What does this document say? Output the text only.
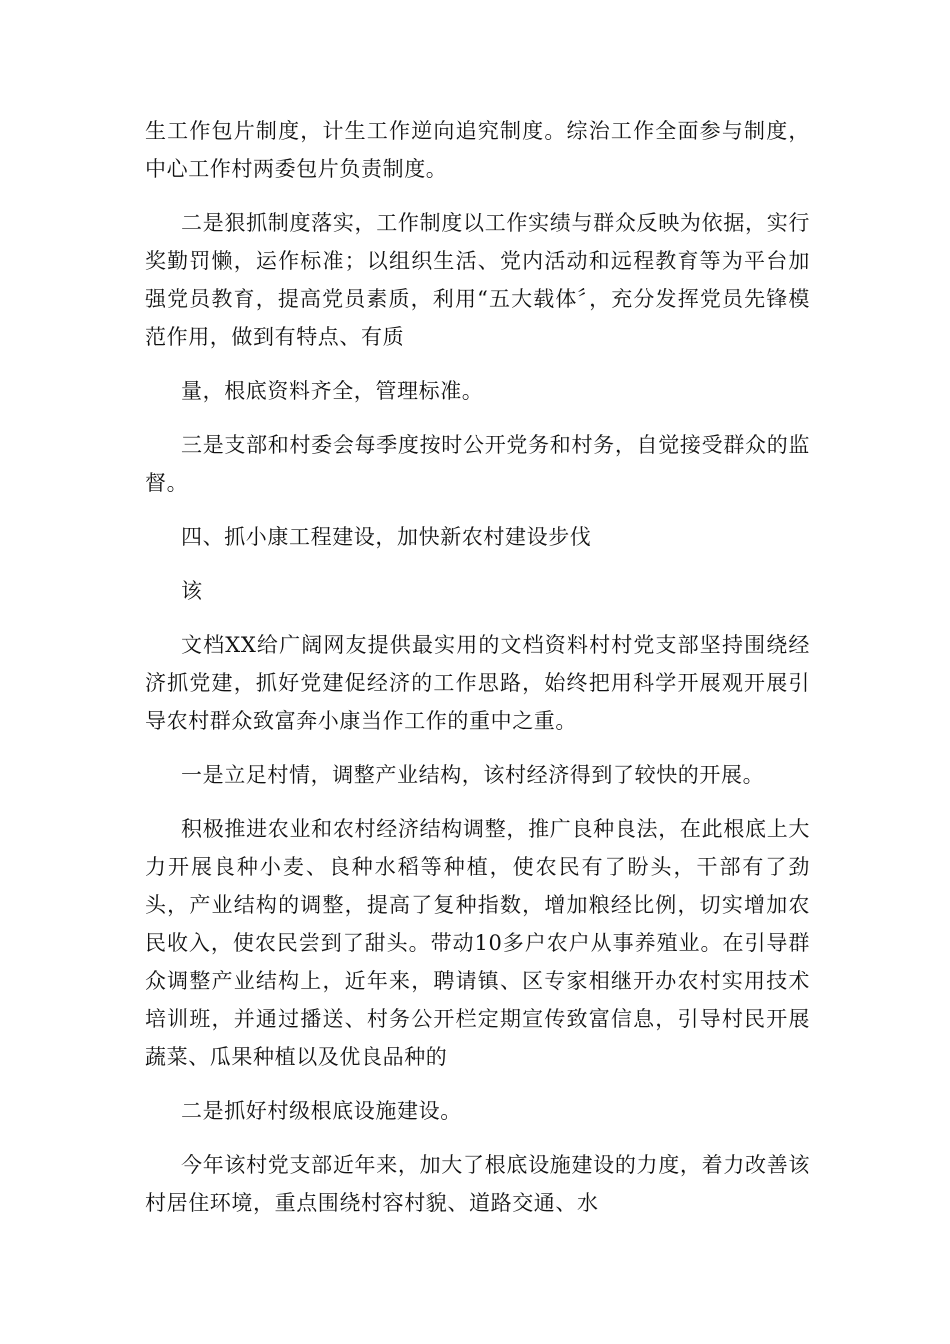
生工作包片制度，计生工作逆向追究制度。综治工作全面参与制度，中心工作村两委包片负责制度。

二是狠抓制度落实，工作制度以工作实绩与群众反映为依据，实行奖勤罚懒，运作标准；以组织生活、党内活动和远程教育等为平台加强党员教育，提高党员素质，利用“五大载体〞，充分发挥党员先锋模范作用，做到有特点、有质

量，根底资料齐全，管理标准。

三是支部和村委会每季度按时公开党务和村务，自觉接受群众的监督。

四、抓小康工程建设，加快新农村建设步伐

该

文档XX给广阔网友提供最实用的文档资料村村党支部坚持围绕经济抓党建，抓好党建促经济的工作思路，始终把用科学开展观开展引导农村群众致富奔小康当作工作的重中之重。

一是立足村情，调整产业结构，该村经济得到了较快的开展。

积极推进农业和农村经济结构调整，推广良种良法，在此根底上大力开展良种小麦、良种水稻等种植，使农民有了盼头，干部有了劲头，产业结构的调整，提高了复种指数，增加粮经比例，切实增加农民收入，使农民尝到了甜头。带动10多户农户从事养殖业。在引导群众调整产业结构上，近年来，聘请镇、区专家相继开办农村实用技术培训班，并通过播送、村务公开栏定期宣传致富信息，引导村民开展蔬菜、瓜果种植以及优良品种的

二是抓好村级根底设施建设。

今年该村党支部近年来，加大了根底设施建设的力度，着力改善该村居住环境，重点围绕村容村貌、道路交通、水
